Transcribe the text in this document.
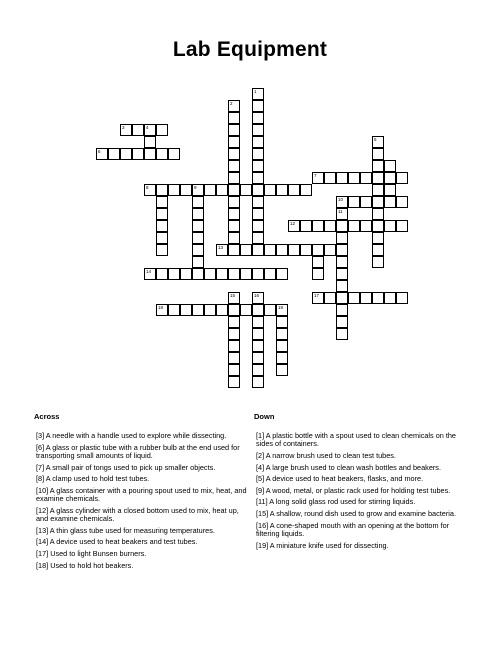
Lab Equipment
3	4
6
7
8	9
10
12
13
14
17
18	19
1
2
5
11
15	16
Across
[3] A needle with a handle used to explore while dissecting.
[6] A glass or plastic tube with a rubber bulb at the end used for transporting small amounts of liquid.
[7] A small pair of tongs used to pick up smaller objects.
[8] A clamp used to hold test tubes.
[10] A glass container with a pouring spout used to mix, heat, and examine chemicals.
[12] A glass cylinder with a closed bottom used to mix, heat up, and examine chemicals.
[13] A thin glass tube used for measuring temperatures.
[14] A device used to heat beakers and test tubes.
[17] Used to light Bunsen burners.
[18] Used to hold hot beakers.
Down
[1] A plastic bottle with a spout used to clean chemicals on the sides of containers.
[2] A narrow brush used to clean test tubes.
[4] A large brush used to clean wash bottles and beakers.
[5] A device used to heat beakers, flasks, and more.
[9] A wood, metal, or plastic rack used for holding test tubes.
[11] A long solid glass rod used for stirring liquids.
[15] A shallow, round dish used to grow and examine bacteria.
[16] A cone-shaped mouth with an opening at the bottom for filtering liquids.
[19] A miniature knife used for dissecting.
